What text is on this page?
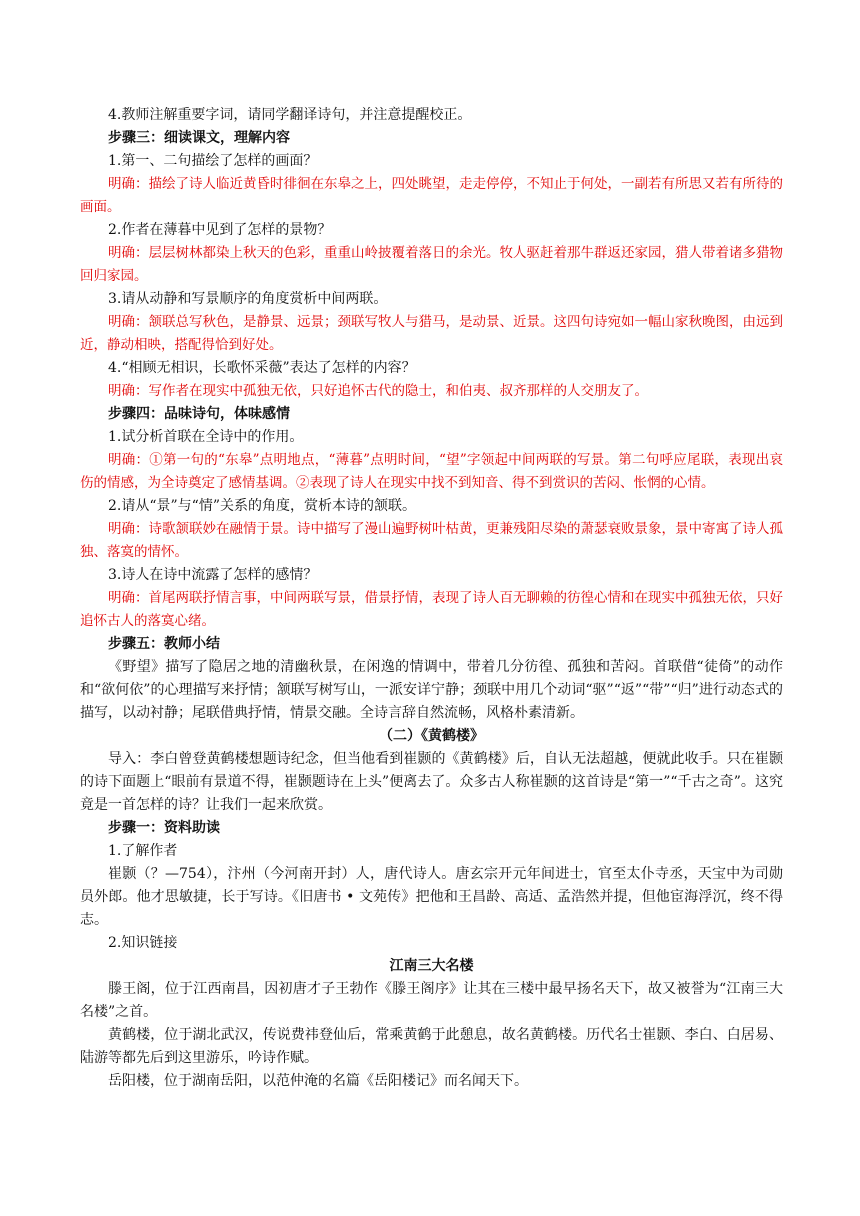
4.教师注解重要字词，请同学翻译诗句，并注意提醒校正。

步骤三：细读课文，理解内容

1.第一、二句描绘了怎样的画面？

明确：描绘了诗人临近黄昏时徘徊在东皋之上，四处眺望，走走停停，不知止于何处，一副若有所思又若有所待的画面。

2.作者在薄暮中见到了怎样的景物？

明确：层层树林都染上秋天的色彩，重重山岭披覆着落日的余光。牧人驱赶着那牛群返还家园，猎人带着诸多猎物回归家园。

3.请从动静和写景顺序的角度赏析中间两联。

明确：颔联总写秋色，是静景、远景；颈联写牧人与猎马，是动景、近景。这四句诗宛如一幅山家秋晚图，由远到近，静动相映，搭配得恰到好处。

4.“相顾无相识，长歌怀采薇”表达了怎样的内容？

明确：写作者在现实中孤独无依，只好追怀古代的隐士，和伯夷、叔齐那样的人交朋友了。

步骤四：品味诗句，体味感情

1.试分析首联在全诗中的作用。

明确：①第一句的“东皋”点明地点，“薄暮”点明时间，“望”字领起中间两联的写景。第二句呼应尾联，表现出哀伤的情感，为全诗奠定了感情基调。②表现了诗人在现实中找不到知音、得不到赏识的苦闷、怅惘的心情。

2.请从“景”与“情”关系的角度，赏析本诗的颔联。

明确：诗歌颔联妙在融情于景。诗中描写了漫山遍野树叶枯黄，更兼残阳尽染的萧瑟衰败景象，景中寄寓了诗人孤独、落寞的情怀。

3.诗人在诗中流露了怎样的感情？

明确：首尾两联抒情言事，中间两联写景，借景抒情，表现了诗人百无聊赖的彷徨心情和在现实中孤独无依，只好追怀古人的落寞心绪。

步骤五：教师小结

《野望》描写了隐居之地的清幽秋景，在闲逸的情调中，带着几分彷徨、孤独和苦闷。首联借“徒倚”的动作和“欲何依”的心理描写来抒情；颔联写树写山，一派安详宁静；颈联中用几个动词“驱”“返”“带”“归”进行动态式的描写，以动衬静；尾联借典抒情，情景交融。全诗言辞自然流畅，风格朴素清新。

（二）《黄鹤楼》

导入：李白曾登黄鹤楼想题诗纪念，但当他看到崔颢的《黄鹤楼》后，自认无法超越，便就此收手。只在崔颢的诗下面题上“眼前有景道不得，崔颢题诗在上头”便离去了。众多古人称崔颢的这首诗是“第一”“千古之奇”。这究竟是一首怎样的诗？让我们一起来欣赏。

步骤一：资料助读

1.了解作者

崔颢（？—754），汴州（今河南开封）人，唐代诗人。唐玄宗开元年间进士，官至太仆寺丞，天宝中为司勋员外郎。他才思敏捷，长于写诗。《旧唐书 • 文苑传》把他和王昌龄、高适、孟浩然并提，但他宦海浮沉，终不得志。

2.知识链接

江南三大名楼

滕王阁，位于江西南昌，因初唐才子王勃作《滕王阁序》让其在三楼中最早扬名天下，故又被誉为“江南三大名楼”之首。

黄鹤楼，位于湖北武汉，传说费祎登仙后，常乘黄鹤于此憩息，故名黄鹤楼。历代名士崔颢、李白、白居易、陆游等都先后到这里游乐，吟诗作赋。

岳阳楼，位于湖南岳阳，以范仲淹的名篇《岳阳楼记》而名闻天下。
